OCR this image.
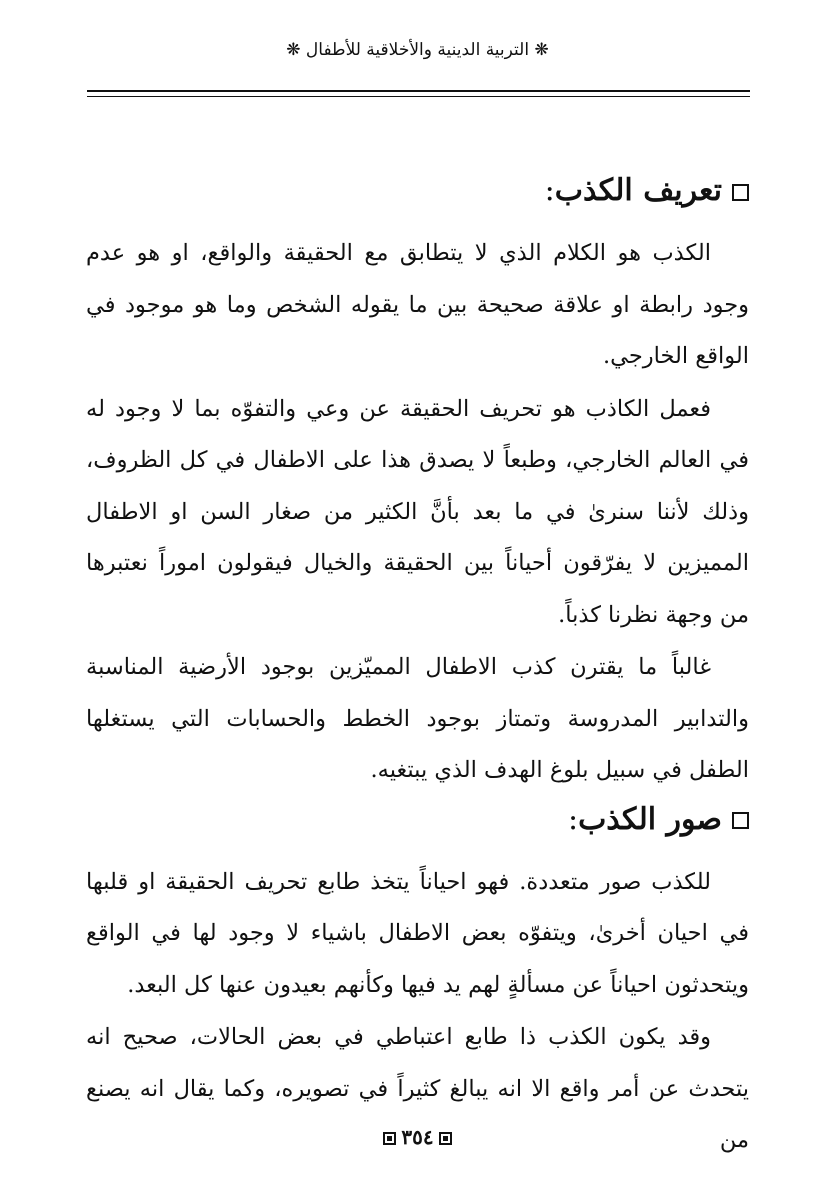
❋ التربية الدينية والأخلاقية للأطفال ❋
تعريف الكذب:

الكذب هو الكلام الذي لا يتطابق مع الحقيقة والواقع، او هو عدم وجود رابطة او علاقة صحيحة بين ما يقوله الشخص وما هو موجود في الواقع الخارجي.

فعمل الكاذب هو تحريف الحقيقة عن وعي والتفوّه بما لا وجود له في العالم الخارجي، وطبعاً لا يصدق هذا على الاطفال في كل الظروف، وذلك لأننا سنرىٰ في ما بعد بأنَّ الكثير من صغار السن او الاطفال المميزين لا يفرّقون أحياناً بين الحقيقة والخيال فيقولون اموراً نعتبرها من وجهة نظرنا كذباً.

غالباً ما يقترن كذب الاطفال المميّزين بوجود الأرضية المناسبة والتدابير المدروسة وتمتاز بوجود الخطط والحسابات التي يستغلها الطفل في سبيل بلوغ الهدف الذي يبتغيه.

صور الكذب:

للكذب صور متعددة. فهو احياناً يتخذ طابع تحريف الحقيقة او قلبها في احيان أخرىٰ، ويتفوّه بعض الاطفال باشياء لا وجود لها في الواقع ويتحدثون احياناً عن مسألةٍ لهم يد فيها وكأنهم بعيدون عنها كل البعد.

وقد يكون الكذب ذا طابع اعتباطي في بعض الحالات، صحيح انه يتحدث عن أمر واقع الا انه يبالغ كثيراً في تصويره، وكما يقال انه يصنع من

٣٥٤
